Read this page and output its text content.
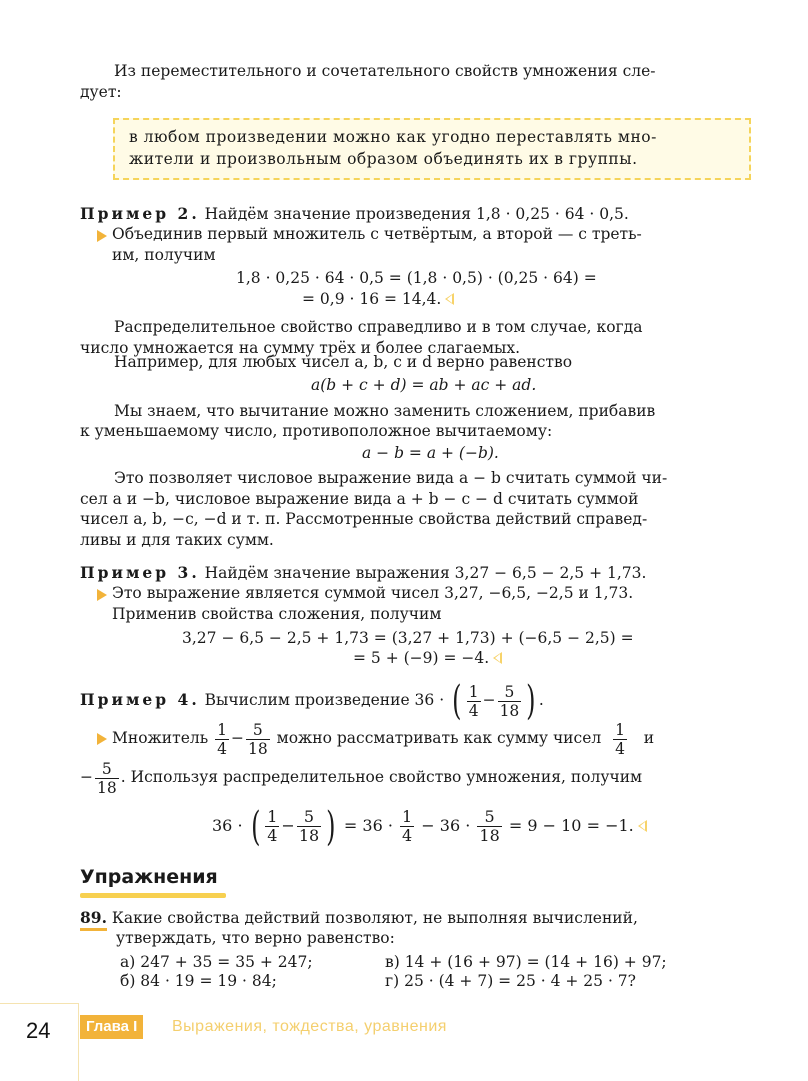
Из переместительного и сочетательного свойств умножения сле-
дует:
в любом произведении можно как угодно переставлять мно-
жители и произвольным образом объединять их в группы.
Пример 2. Найдём значение произведения 1,8 · 0,25 · 64 · 0,5.
Объединив первый множитель с четвёртым, а второй — с треть-
им, получим
1,8 · 0,25 · 64 · 0,5 = (1,8 · 0,5) · (0,25 · 64) =
= 0,9 · 16 = 14,4.
Распределительное свойство справедливо и в том случае, когда
число умножается на сумму трёх и более слагаемых.
Например, для любых чисел a, b, c и d верно равенство
a(b + c + d) = ab + ac + ad.
Мы знаем, что вычитание можно заменить сложением, прибавив
к уменьшаемому число, противоположное вычитаемому:
a − b = a + (−b).
Это позволяет числовое выражение вида a − b считать суммой чи-
сел a и −b, числовое выражение вида a + b − c − d считать суммой
чисел a, b, −c, −d и т. п. Рассмотренные свойства действий справед-
ливы и для таких сумм.
Пример 3. Найдём значение выражения 3,27 − 6,5 − 2,5 + 1,73.
Это выражение является суммой чисел 3,27, −6,5, −2,5 и 1,73.
Применив свойства сложения, получим
3,27 − 6,5 − 2,5 + 1,73 = (3,27 + 1,73) + (−6,5 − 2,5) =
= 5 + (−9) = −4.
Пример 4. Вычислим произведение 36 · ( $\frac{1}{4} - \frac{5}{18}$ ) .
Множитель $\frac{1}{4} - \frac{5}{18}$ можно рассматривать как сумму чисел $\frac{1}{4}$ и
− $\frac{5}{18}$ . Используя распределительное свойство умножения, получим
36 · ( $\frac{1}{4} - \frac{5}{18}$ ) = $36 \cdot \frac{1}{4} - 36 \cdot \frac{5}{18} = 9 - 10 = -1$.
Упражнения
89. Какие свойства действий позволяют, не выполняя вычислений,
утверждать, что верно равенство:
а) 247 + 35 = 35 + 247;
б) 84 · 19 = 19 · 84;
в) 14 + (16 + 97) = (14 + 16) + 97;
г) 25 · (4 + 7) = 25 · 4 + 25 · 7?
24	Глава I	Выражения, тождества, уравнения
